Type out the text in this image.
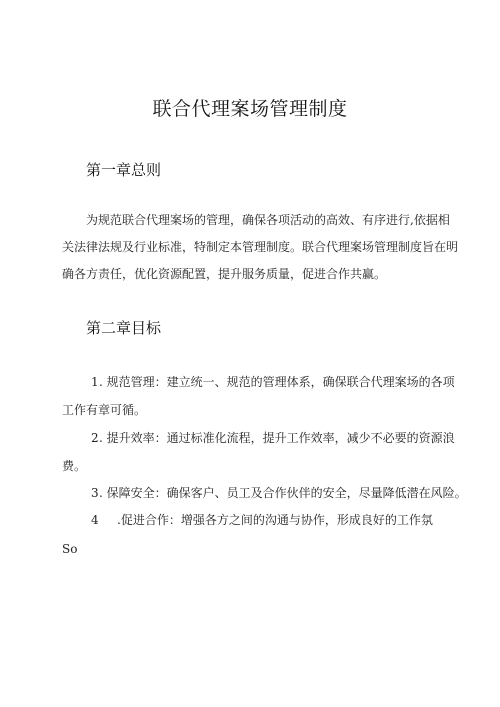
联合代理案场管理制度
第一章总则
为规范联合代理案场的管理，确保各项活动的高效、有序进行,依据相
关法律法规及行业标准，特制定本管理制度。联合代理案场管理制度旨在明
确各方责任，优化资源配置，提升服务质量，促进合作共赢。
第二章目标
1 . 规范管理：建立统一、规范的管理体系，确保联合代理案场的各项
工作有章可循。
2 . 提升效率：通过标准化流程，提升工作效率，减少不必要的资源浪
费。
3 . 保障安全：确保客户、员工及合作伙伴的安全，尽量降低潜在风险。
4 .促进合作：增强各方之间的沟通与协作，形成良好的工作氛
So
